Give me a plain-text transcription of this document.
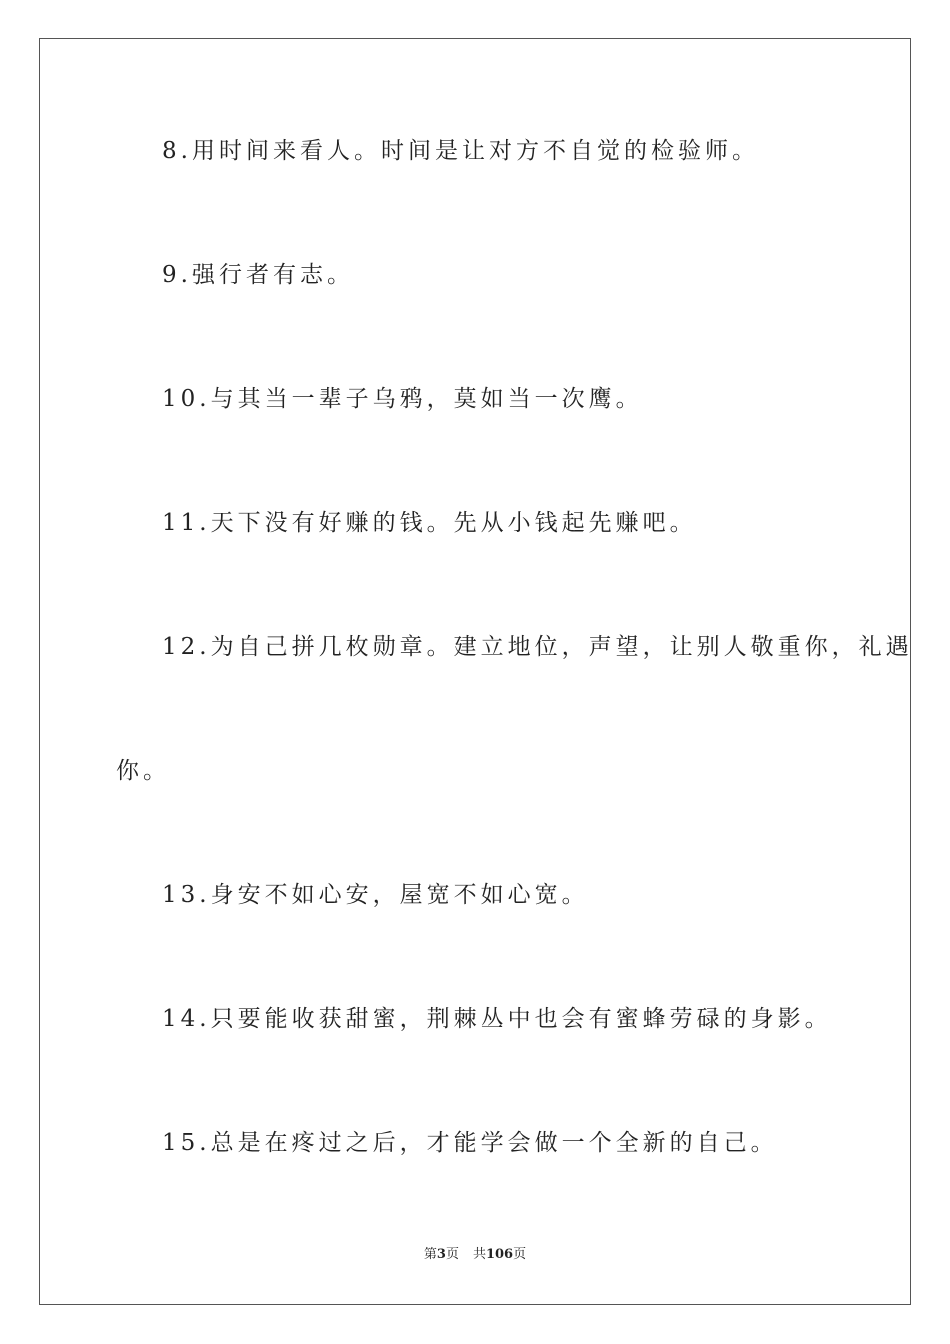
8.用时间来看人。时间是让对方不自觉的检验师。
9.强行者有志。
10.与其当一辈子乌鸦，莫如当一次鹰。
11.天下没有好赚的钱。先从小钱起先赚吧。
12.为自己拼几枚勋章。建立地位，声望，让别人敬重你，礼遇
你。
13.身安不如心安，屋宽不如心宽。
14.只要能收获甜蜜，荆棘丛中也会有蜜蜂劳碌的身影。
15.总是在疼过之后，才能学会做一个全新的自己。
第3页 共106页
